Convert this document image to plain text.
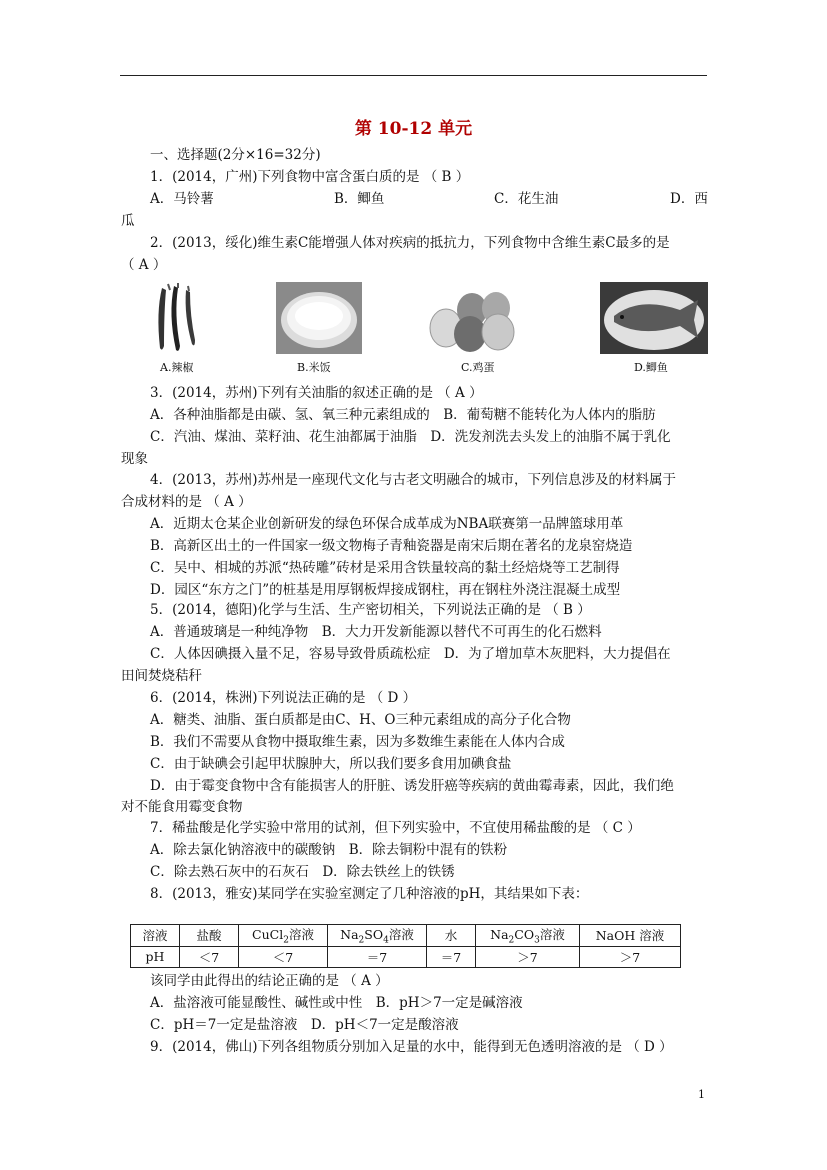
第 10-12 单元
一、选择题(2分×16=32分)
1．(2014，广州)下列食物中富含蛋白质的是 （ B ）
A．马铃薯	B．鲫鱼	C．花生油	D．西
瓜
2．(2013，绥化)维生素C能增强人体对疾病的抵抗力，下列食物中含维生素C最多的是
（ A ）
A.辣椒	B.米饭	C.鸡蛋	D.鲫鱼
3．(2014，苏州)下列有关油脂的叙述正确的是 （ A ）
A．各种油脂都是由碳、氢、氧三种元素组成的　B．葡萄糖不能转化为人体内的脂肪
C．汽油、煤油、菜籽油、花生油都属于油脂　D．洗发剂洗去头发上的油脂不属于乳化
现象
4．(2013，苏州)苏州是一座现代文化与古老文明融合的城市，下列信息涉及的材料属于
合成材料的是 （ A ）
A．近期太仓某企业创新研发的绿色环保合成革成为NBA联赛第一品牌篮球用革
B．高新区出土的一件国家一级文物梅子青釉瓷器是南宋后期在著名的龙泉窑烧造
C．吴中、相城的苏派“热砖雕”砖材是采用含铁量较高的黏土经焙烧等工艺制得
D．园区“东方之门”的桩基是用厚钢板焊接成钢柱，再在钢柱外浇注混凝土成型
5．(2014，德阳)化学与生活、生产密切相关，下列说法正确的是 （ B ）
A．普通玻璃是一种纯净物　B．大力开发新能源以替代不可再生的化石燃料
C．人体因碘摄入量不足，容易导致骨质疏松症　D．为了增加草木灰肥料，大力提倡在
田间焚烧秸秆
6．(2014，株洲)下列说法正确的是 （ D ）
A．糖类、油脂、蛋白质都是由C、H、O三种元素组成的高分子化合物
B．我们不需要从食物中摄取维生素，因为多数维生素能在人体内合成
C．由于缺碘会引起甲状腺肿大，所以我们要多食用加碘食盐
D．由于霉变食物中含有能损害人的肝脏、诱发肝癌等疾病的黄曲霉毒素，因此，我们绝
对不能食用霉变食物
7．稀盐酸是化学实验中常用的试剂，但下列实验中，不宜使用稀盐酸的是 （ C ）
A．除去氯化钠溶液中的碳酸钠　B．除去铜粉中混有的铁粉
C．除去熟石灰中的石灰石　D．除去铁丝上的铁锈
8．(2013，雅安)某同学在实验室测定了几种溶液的pH，其结果如下表：
溶液	盐酸	CuCl$_2$溶液	$Na_2SO_4$溶液	水	$Na_2CO_3$溶液	NaOH 溶液
pH	＜7	＜7	＝7	＝7	＞7	＞7
该同学由此得出的结论正确的是 （ A ）
A．盐溶液可能显酸性、碱性或中性　B．pH＞7一定是碱溶液
C．pH＝7一定是盐溶液　D．pH＜7一定是酸溶液
9．(2014，佛山)下列各组物质分别加入足量的水中，能得到无色透明溶液的是 （ D ）
1
